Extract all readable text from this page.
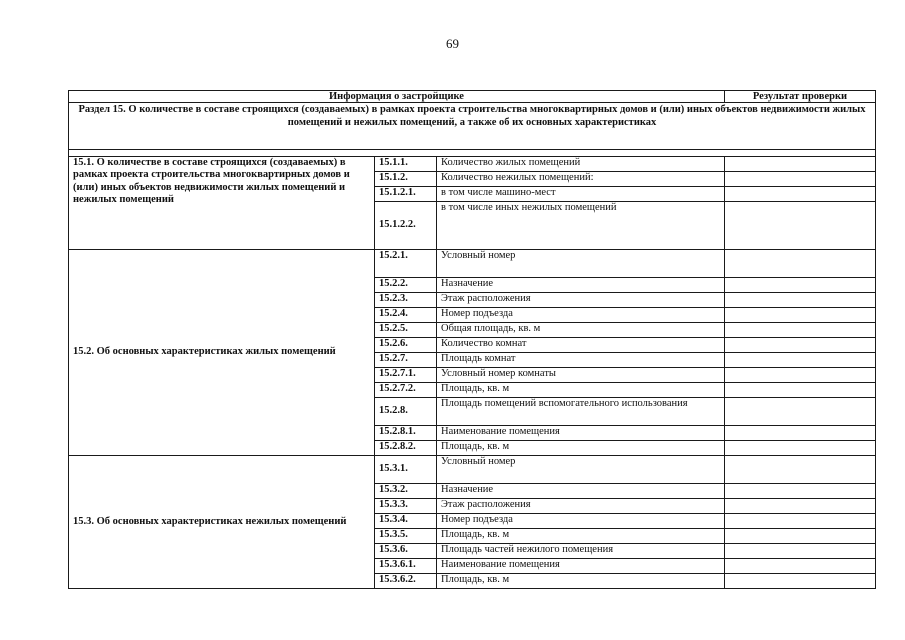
69
Информация о застройщике			Результат проверки
Раздел 15. О количестве в составе строящихся (создаваемых) в рамках проекта строительства многоквартирных домов и (или) иных объектов недвижимости жилых помещений и нежилых помещений, а также об их основных характеристиках			

15.1. О количестве в составе строящихся (создаваемых) в рамках проекта строительства многоквартирных домов и (или) иных объектов недвижимости жилых помещений и нежилых помещений	15.1.1.	Количество жилых помещений	
	15.1.2.	Количество нежилых помещений:	
	15.1.2.1.	в том числе машино-мест	
	15.1.2.2.	в том числе иных нежилых помещений	
15.2. Об основных характеристиках жилых помещений	15.2.1.	Условный номер	
	15.2.2.	Назначение	
	15.2.3.	Этаж расположения	
	15.2.4.	Номер подъезда	
	15.2.5.	Общая площадь, кв. м	
	15.2.6.	Количество комнат	
	15.2.7.	Площадь комнат	
	15.2.7.1.	Условный номер комнаты	
	15.2.7.2.	Площадь, кв. м	
	15.2.8.	Площадь помещений вспомогательного использования	
	15.2.8.1.	Наименование помещения	
	15.2.8.2.	Площадь, кв. м	
15.3. Об основных характеристиках нежилых помещений	15.3.1.	Условный номер	
	15.3.2.	Назначение	
	15.3.3.	Этаж расположения	
	15.3.4.	Номер подъезда	
	15.3.5.	Площадь, кв. м	
	15.3.6.	Площадь частей нежилого помещения	
	15.3.6.1.	Наименование помещения	
	15.3.6.2.	Площадь, кв. м	
